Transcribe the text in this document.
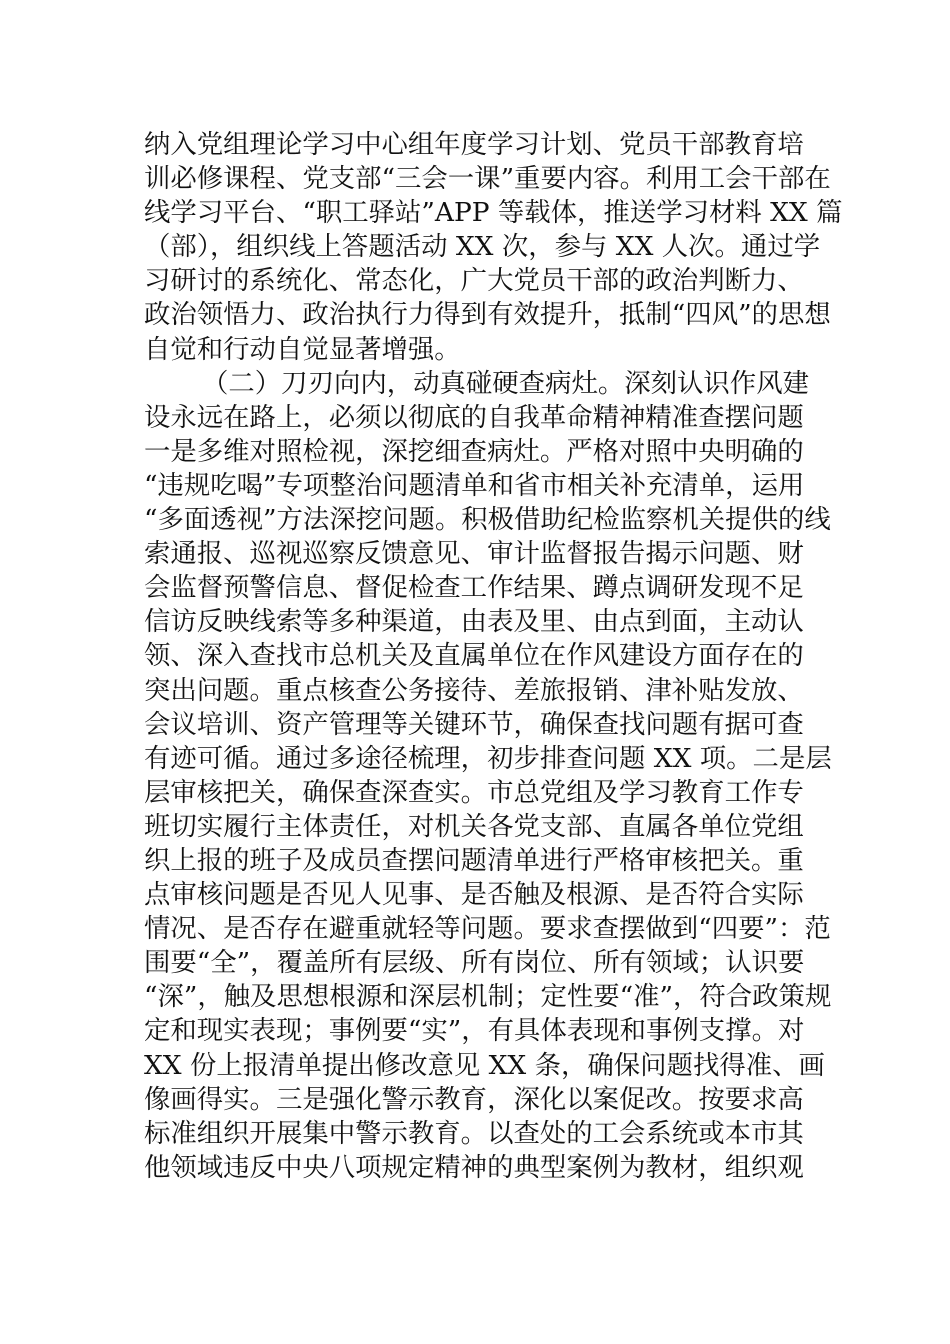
纳入党组理论学习中心组年度学习计划、党员干部教育培
训必修课程、党支部“三会一课”重要内容。利用工会干部在
线学习平台、“职工驿站”APP 等载体，推送学习材料 XX 篇
（部），组织线上答题活动 XX 次，参与 XX 人次。通过学
习研讨的系统化、常态化，广大党员干部的政治判断力、
政治领悟力、政治执行力得到有效提升，抵制“四风”的思想
自觉和行动自觉显著增强。
（二）刀刃向内，动真碰硬查病灶。深刻认识作风建
设永远在路上，必须以彻底的自我革命精神精准查摆问题
一是多维对照检视，深挖细查病灶。严格对照中央明确的
“违规吃喝”专项整治问题清单和省市相关补充清单，运用
“多面透视”方法深挖问题。积极借助纪检监察机关提供的线
索通报、巡视巡察反馈意见、审计监督报告揭示问题、财
会监督预警信息、督促检查工作结果、蹲点调研发现不足
信访反映线索等多种渠道，由表及里、由点到面，主动认
领、深入查找市总机关及直属单位在作风建设方面存在的
突出问题。重点核查公务接待、差旅报销、津补贴发放、
会议培训、资产管理等关键环节，确保查找问题有据可查
有迹可循。通过多途径梳理，初步排查问题 XX 项。二是层
层审核把关，确保查深查实。市总党组及学习教育工作专
班切实履行主体责任，对机关各党支部、直属各单位党组
织上报的班子及成员查摆问题清单进行严格审核把关。重
点审核问题是否见人见事、是否触及根源、是否符合实际
情况、是否存在避重就轻等问题。要求查摆做到“四要”：范
围要“全”，覆盖所有层级、所有岗位、所有领域；认识要
“深”，触及思想根源和深层机制；定性要“准”，符合政策规
定和现实表现；事例要“实”，有具体表现和事例支撑。对
XX 份上报清单提出修改意见 XX 条，确保问题找得准、画
像画得实。三是强化警示教育，深化以案促改。按要求高
标准组织开展集中警示教育。以查处的工会系统或本市其
他领域违反中央八项规定精神的典型案例为教材，组织观
